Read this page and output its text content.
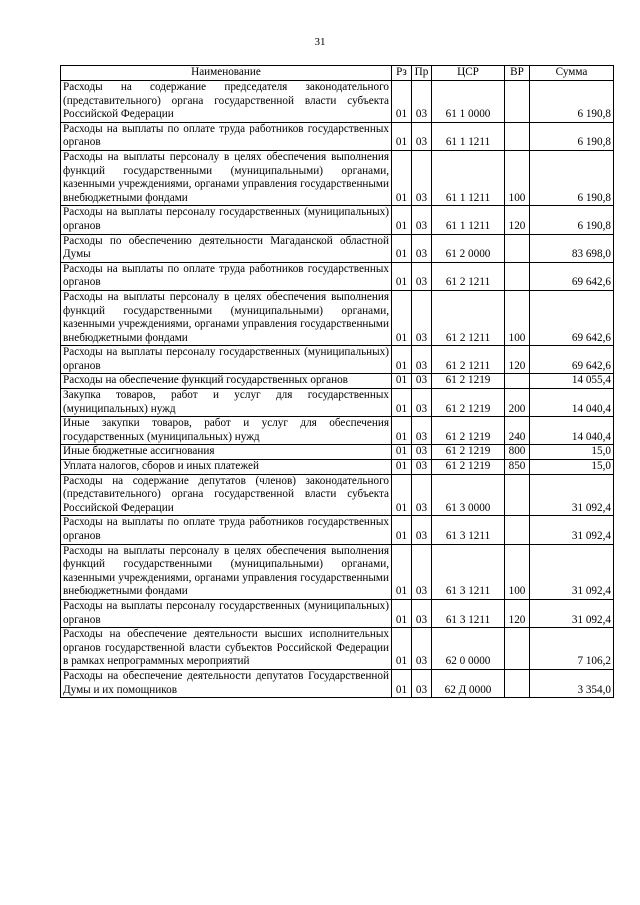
31
Наименование	Рз	Пр	ЦСР	ВР	Сумма
Расходы на содержание председателя законодательного (представительного) органа государственной власти субъекта Российской Федерации	01	03	61 1 0000		6 190,8
Расходы на выплаты по оплате труда работников государственных органов	01	03	61 1 1211		6 190,8
Расходы на выплаты персоналу в целях обеспечения выполнения функций государственными (муниципальными) органами, казенными учреждениями, органами управления государственными внебюджетными фондами	01	03	61 1 1211	100	6 190,8
Расходы на выплаты персоналу государственных (муниципальных) органов	01	03	61 1 1211	120	6 190,8
Расходы по обеспечению деятельности Магаданской областной Думы	01	03	61 2 0000		83 698,0
Расходы на выплаты по оплате труда работников государственных органов	01	03	61 2 1211		69 642,6
Расходы на выплаты персоналу в целях обеспечения выполнения функций государственными (муниципальными) органами, казенными учреждениями, органами управления государственными внебюджетными фондами	01	03	61 2 1211	100	69 642,6
Расходы на выплаты персоналу государственных (муниципальных) органов	01	03	61 2 1211	120	69 642,6
Расходы на обеспечение функций государственных органов	01	03	61 2 1219		14 055,4
Закупка товаров, работ и услуг для государственных (муниципальных) нужд	01	03	61 2 1219	200	14 040,4
Иные закупки товаров, работ и услуг для обеспечения государственных (муниципальных) нужд	01	03	61 2 1219	240	14 040,4
Иные бюджетные ассигнования	01	03	61 2 1219	800	15,0
Уплата налогов, сборов и иных платежей	01	03	61 2 1219	850	15,0
Расходы на содержание депутатов (членов) законодательного (представительного) органа государственной власти субъекта Российской Федерации	01	03	61 3 0000		31 092,4
Расходы на выплаты по оплате труда работников государственных органов	01	03	61 3 1211		31 092,4
Расходы на выплаты персоналу в целях обеспечения выполнения функций государственными (муниципальными) органами, казенными учреждениями, органами управления государственными внебюджетными фондами	01	03	61 3 1211	100	31 092,4
Расходы на выплаты персоналу государственных (муниципальных) органов	01	03	61 3 1211	120	31 092,4
Расходы на обеспечение деятельности высших исполнительных органов государственной власти субъектов Российской Федерации в рамках непрограммных мероприятий	01	03	62 0 0000		7 106,2
Расходы на обеспечение деятельности депутатов Государственной Думы и их помощников	01	03	62 Д 0000		3 354,0
